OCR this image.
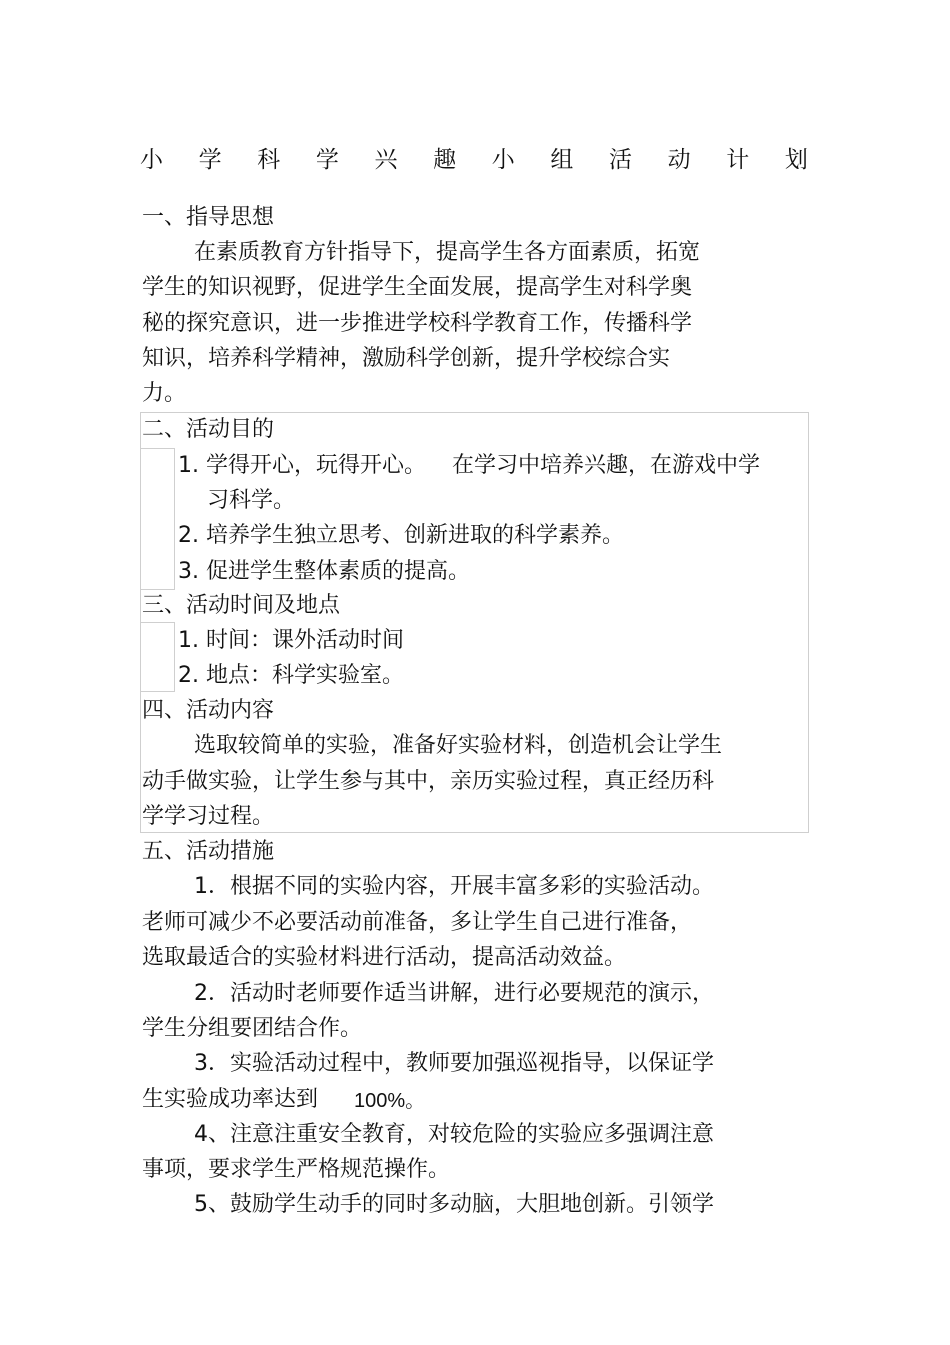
小 学 科 学 兴 趣 小 组 活 动 计 划
一、指导思想
在素质教育方针指导下，提高学生各方面素质，拓宽
学生的知识视野，促进学生全面发展，提高学生对科学奥
秘的探究意识，进一步推进学校科学教育工作，传播科学
知识，培养科学精神，激励科学创新，提升学校综合实
力。
二、活动目的
1. 学得开心，玩得开心。 在学习中培养兴趣，在游戏中学
习科学。
2. 培养学生独立思考、创新进取的科学素养。
3. 促进学生整体素质的提高。
三、活动时间及地点
1. 时间：课外活动时间
2. 地点：科学实验室。
四、活动内容
选取较简单的实验，准备好实验材料，创造机会让学生
动手做实验，让学生参与其中，亲历实验过程，真正经历科
学学习过程。
五、活动措施
1．根据不同的实验内容，开展丰富多彩的实验活动。
老师可减少不必要活动前准备，多让学生自己进行准备，
选取最适合的实验材料进行活动，提高活动效益。
2．活动时老师要作适当讲解，进行必要规范的演示，
学生分组要团结合作。
3．实验活动过程中，教师要加强巡视指导，以保证学
生实验成功率达到 100%。
4、注意注重安全教育，对较危险的实验应多强调注意
事项，要求学生严格规范操作。
5、鼓励学生动手的同时多动脑，大胆地创新。引领学
